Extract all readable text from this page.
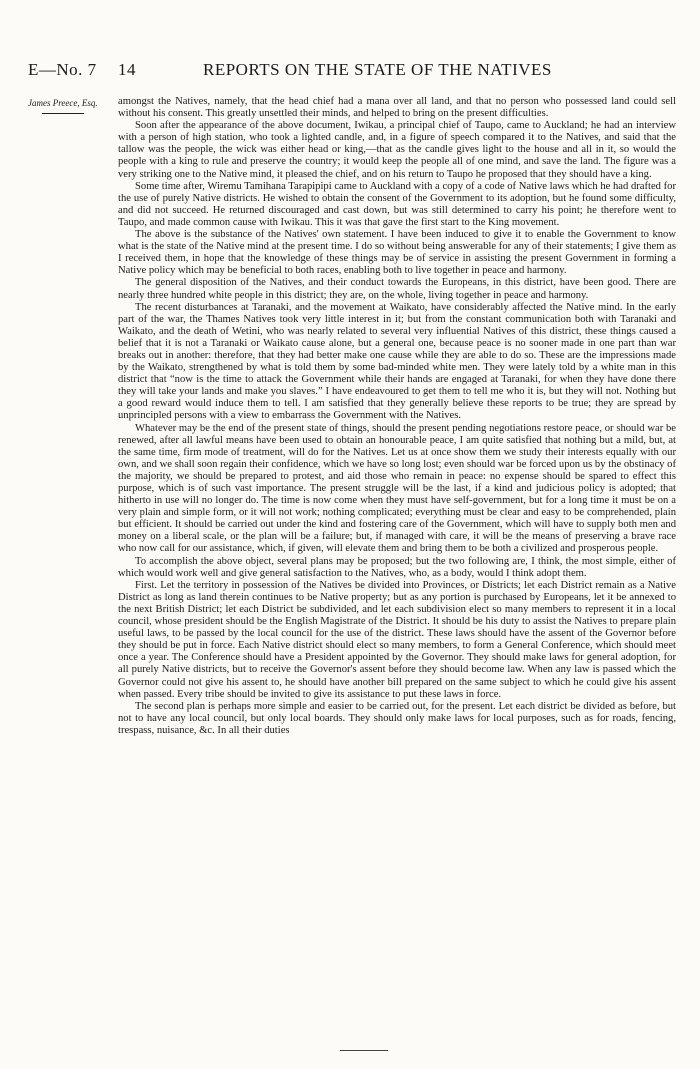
E—No. 7 14	REPORTS ON THE STATE OF THE NATIVES
James Preece, Esq.	amongst the Natives, namely, that the head chief had a mana over all land, and that no person who possessed land could sell without his consent. This greatly unsettled their minds, and helped to bring on the present difficulties.

Soon after the appearance of the above document, Iwikau, a principal chief of Taupo, came to Auckland; he had an interview with a person of high station, who took a lighted candle, and, in a figure of speech compared it to the Natives, and said that the tallow was the people, the wick was either head or king,—that as the candle gives light to the house and all in it, so would the people with a king to rule and preserve the country; it would keep the people all of one mind, and save the land. The figure was a very striking one to the Native mind, it pleased the chief, and on his return to Taupo he proposed that they should have a king.

Some time after, Wiremu Tamihana Tarapipipi came to Auckland with a copy of a code of Native laws which he had drafted for the use of purely Native districts. He wished to obtain the consent of the Government to its adoption, but he found some difficulty, and did not succeed. He returned discouraged and cast down, but was still determined to carry his point; he therefore went to Taupo, and made common cause with Iwikau. This it was that gave the first start to the King movement.

The above is the substance of the Natives' own statement. I have been induced to give it to enable the Government to know what is the state of the Native mind at the present time. I do so without being answerable for any of their statements; I give them as I received them, in hope that the knowledge of these things may be of service in assisting the present Government in forming a Native policy which may be beneficial to both races, enabling both to live together in peace and harmony.

The general disposition of the Natives, and their conduct towards the Europeans, in this district, have been good. There are nearly three hundred white people in this district; they are, on the whole, living together in peace and harmony.

The recent disturbances at Taranaki, and the movement at Waikato, have considerably affected the Native mind. In the early part of the war, the Thames Natives took very little interest in it; but from the constant communication both with Taranaki and Waikato, and the death of Wetini, who was nearly related to several very influential Natives of this district, these things caused a belief that it is not a Taranaki or Waikato cause alone, but a general one, because peace is no sooner made in one part than war breaks out in another: therefore, that they had better make one cause while they are able to do so. These are the impressions made by the Waikato, strengthened by what is told them by some bad-minded white men. They were lately told by a white man in this district that “now is the time to attack the Government while their hands are engaged at Taranaki, for when they have done there they will take your lands and make you slaves.” I have endeavoured to get them to tell me who it is, but they will not. Nothing but a good reward would induce them to tell. I am satisfied that they generally believe these reports to be true; they are spread by unprincipled persons with a view to embarrass the Government with the Natives.

Whatever may be the end of the present state of things, should the present pending negotiations restore peace, or should war be renewed, after all lawful means have been used to obtain an honourable peace, I am quite satisfied that nothing but a mild, but, at the same time, firm mode of treatment, will do for the Natives. Let us at once show them we study their interests equally with our own, and we shall soon regain their confidence, which we have so long lost; even should war be forced upon us by the obstinacy of the majority, we should be prepared to protest, and aid those who remain in peace: no expense should be spared to effect this purpose, which is of such vast importance. The present struggle will be the last, if a kind and judicious policy is adopted; that hitherto in use will no longer do. The time is now come when they must have self-government, but for a long time it must be on a very plain and simple form, or it will not work; nothing complicated; everything must be clear and easy to be comprehended, plain but efficient. It should be carried out under the kind and fostering care of the Government, which will have to supply both men and money on a liberal scale, or the plan will be a failure; but, if managed with care, it will be the means of preserving a brave race who now call for our assistance, which, if given, will elevate them and bring them to be both a civilized and prosperous people.

To accomplish the above object, several plans may be proposed; but the two following are, I think, the most simple, either of which would work well and give general satisfaction to the Natives, who, as a body, would I think adopt them.

First. Let the territory in possession of the Natives be divided into Provinces, or Districts; let each District remain as a Native District as long as land therein continues to be Native property; but as any portion is purchased by Europeans, let it be annexed to the next British District; let each District be subdivided, and let each subdivision elect so many members to represent it in a local council, whose president should be the English Magistrate of the District. It should be his duty to assist the Natives to prepare plain useful laws, to be passed by the local council for the use of the district. These laws should have the assent of the Governor before they should be put in force. Each Native district should elect so many members, to form a General Conference, which should meet once a year. The Conference should have a President appointed by the Governor. They should make laws for general adoption, for all purely Native districts, but to receive the Governor's assent before they should become law. When any law is passed which the Governor could not give his assent to, he should have another bill prepared on the same subject to which he could give his assent when passed. Every tribe should be invited to give its assistance to put these laws in force.

The second plan is perhaps more simple and easier to be carried out, for the present. Let each district be divided as before, but not to have any local council, but only local boards. They should only make laws for local purposes, such as for roads, fencing, trespass, nuisance, &c. In all their duties
